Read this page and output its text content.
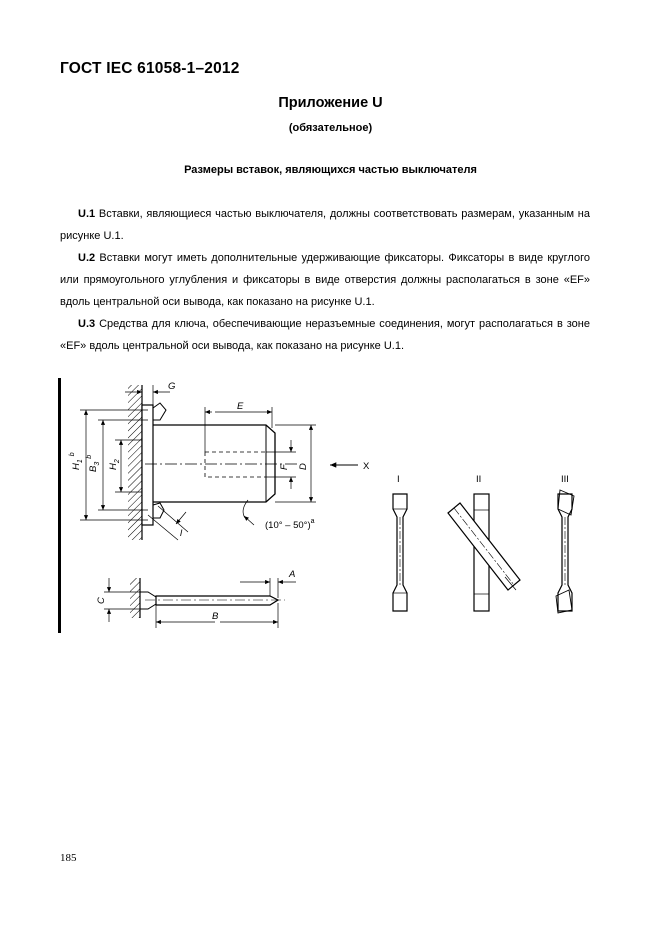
ГОСТ IEC 61058-1–2012
Приложение U
(обязательное)
Размеры вставок, являющихся частью выключателя
U.1 Вставки, являющиеся частью выключателя, должны соответствовать размерам, указанным на рисунке U.1.
U.2 Вставки могут иметь дополнительные удерживающие фиксаторы. Фиксаторы в виде круглого или прямоугольного углубления и фиксаторы в виде отверстия должны располагаться в зоне «EF» вдоль центральной оси вывода, как показано на рисунке U.1.
U.3 Средства для ключа, обеспечивающие неразъемные соединения, могут располагаться в зоне «EF» вдоль центральной оси вывода, как показано на рисунке U.1.
G
E
$H_1^b$
$B_3^b$
$H_2$
F D	X
l
(10° – 50°)$^a$
A
C
B
I	II	III
185
